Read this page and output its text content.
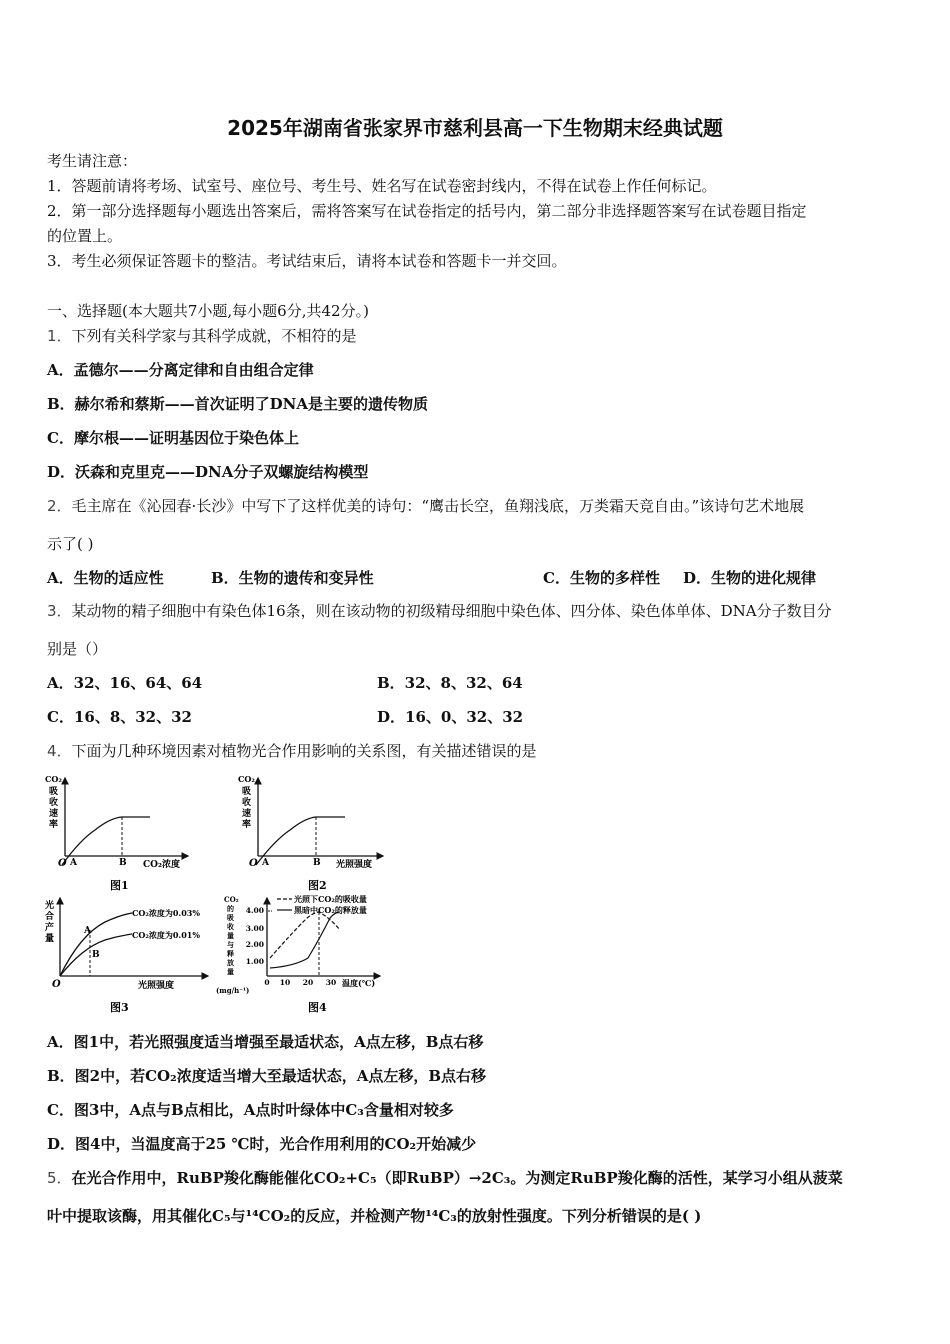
2025年湖南省张家界市慈利县高一下生物期末经典试题
考生请注意：
1．答题前请将考场、试室号、座位号、考生号、姓名写在试卷密封线内，不得在试卷上作任何标记。
2．第一部分选择题每小题选出答案后，需将答案写在试卷指定的括号内，第二部分非选择题答案写在试卷题目指定
的位置上。
3．考生必须保证答题卡的整洁。考试结束后，请将本试卷和答题卡一并交回。
一、选择题(本大题共7小题,每小题6分,共42分。)
1．下列有关科学家与其科学成就，不相符的是
A．孟德尔——分离定律和自由组合定律
B．赫尔希和蔡斯——首次证明了DNA是主要的遗传物质
C．摩尔根——证明基因位于染色体上
D．沃森和克里克——DNA分子双螺旋结构模型
2．毛主席在《沁园春·长沙》中写下了这样优美的诗句：“鹰击长空，鱼翔浅底，万类霜天竞自由。”该诗句艺术地展
示了( )
A．生物的适应性	B．生物的遗传和变异性	C．生物的多样性 D．生物的进化规律
3．某动物的精子细胞中有染色体16条，则在该动物的初级精母细胞中染色体、四分体、染色体单体、DNA分子数目分
别是（）
A．32、16、64、64	B．32、8、32、64
C．16、8、32、32	D．16、0、32、32
4．下面为几种环境因素对植物光合作用影响的关系图，有关描述错误的是
CO₂
吸
收
速
率
O A	B CO₂浓度
图1
CO₂
吸
收
速
率
O A	B 光照强度
图2
光
合
产
量
O
A
B
CO₂浓度为0.03%
CO₂浓度为0.01%
光照强度
图3
CO₂
的
吸
收
量
与
释
放
量
(mg/h⁻¹)
4.00
3.00
2.00
1.00
0 10 20 30 温度(℃)
光照下CO₂的吸收量
黑暗中CO₂的释放量
图4
A．图1中，若光照强度适当增强至最适状态，A点左移，B点右移
B．图2中，若CO₂浓度适当增大至最适状态，A点左移，B点右移
C．图3中，A点与B点相比，A点时叶绿体中C₃含量相对较多
D．图4中，当温度高于25 ℃时，光合作用利用的CO₂开始减少
5．在光合作用中，RuBP羧化酶能催化CO₂+C₅（即RuBP）→2C₃。为测定RuBP羧化酶的活性，某学习小组从菠菜
叶中提取该酶，用其催化C₅与¹⁴CO₂的反应，并检测产物¹⁴C₃的放射性强度。下列分析错误的是( )
